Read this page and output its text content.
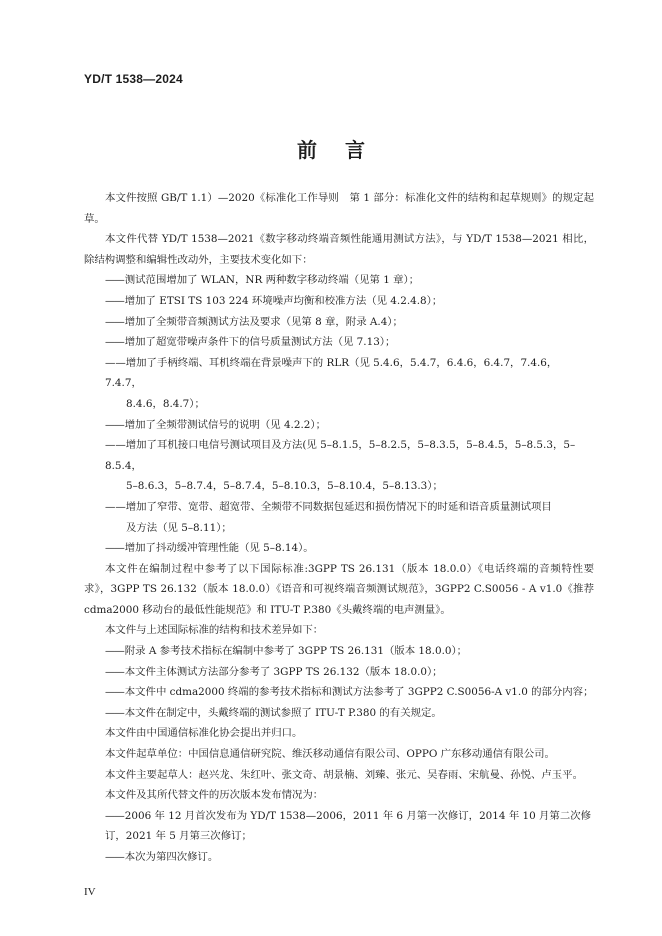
YD/T 1538—2024
前言

本文件按照 GB/T 1.1）—2020《标准化工作导则　第 1 部分：标准化文件的结构和起草规则》的规定起草。

本文件代替 YD/T 1538—2021《数字移动终端音频性能通用测试方法》，与 YD/T 1538—2021 相比，除结构调整和编辑性改动外，主要技术变化如下：

——测试范围增加了 WLAN，NR 两种数字移动终端（见第 1 章）；

——增加了 ETSI TS 103 224 环境噪声均衡和校准方法（见 4.2.4.8）；

——增加了全频带音频测试方法及要求（见第 8 章，附录 A.4）；

——增加了超宽带噪声条件下的信号质量测试方法（见 7.13）；

——增加了手柄终端、耳机终端在背景噪声下的 RLR（见 5.4.6，5.4.7，6.4.6，6.4.7，7.4.6，7.4.7，
8.4.6，8.4.7）；

——增加了全频带测试信号的说明（见 4.2.2）；

——增加了耳机接口电信号测试项目及方法(见 5–8.1.5，5–8.2.5，5–8.3.5，5–8.4.5，5–8.5.3，5–8.5.4，
5–8.6.3，5–8.7.4，5–8.7.4，5–8.10.3，5–8.10.4，5–8.13.3）；
——增加了窄带、宽带、超宽带、全频带不同数据包延迟和损伤情况下的时延和语音质量测试项目
及方法（见 5–8.11）；

——增加了抖动缓冲管理性能（见 5–8.14）。

本文件在编制过程中参考了以下国际标准:3GPP TS 26.131（版本 18.0.0）《电话终端的音频特性要求》，3GPP TS 26.132（版本 18.0.0）《语音和可视终端音频测试规范》，3GPP2 C.S0056 - A v1.0《推荐 cdma2000 移动台的最低性能规范》和 ITU-T P.380《头戴终端的电声测量》。

本文件与上述国际标准的结构和技术差异如下：

——附录 A 参考技术指标在编制中参考了 3GPP TS 26.131（版本 18.0.0）；

——本文件主体测试方法部分参考了 3GPP TS 26.132（版本 18.0.0）；

——本文件中 cdma2000 终端的参考技术指标和测试方法参考了 3GPP2 C.S0056-A v1.0 的部分内容；

——本文件在制定中，头戴终端的测试参照了 ITU-T P.380 的有关规定。

本文件由中国通信标准化协会提出并归口。

本文件起草单位：中国信息通信研究院、维沃移动通信有限公司、OPPO 广东移动通信有限公司。

本文件主要起草人：赵兴龙、朱红叶、张文奇、胡景楠、刘臻、张元、吴春雨、宋航曼、孙悦、卢玉平。

本文件及其所代替文件的历次版本发布情况为：

——2006 年 12 月首次发布为 YD/T 1538—2006，2011 年 6 月第一次修订，2014 年 10 月第二次修订，2021 年 5 月第三次修订；

——本次为第四次修订。

IV
